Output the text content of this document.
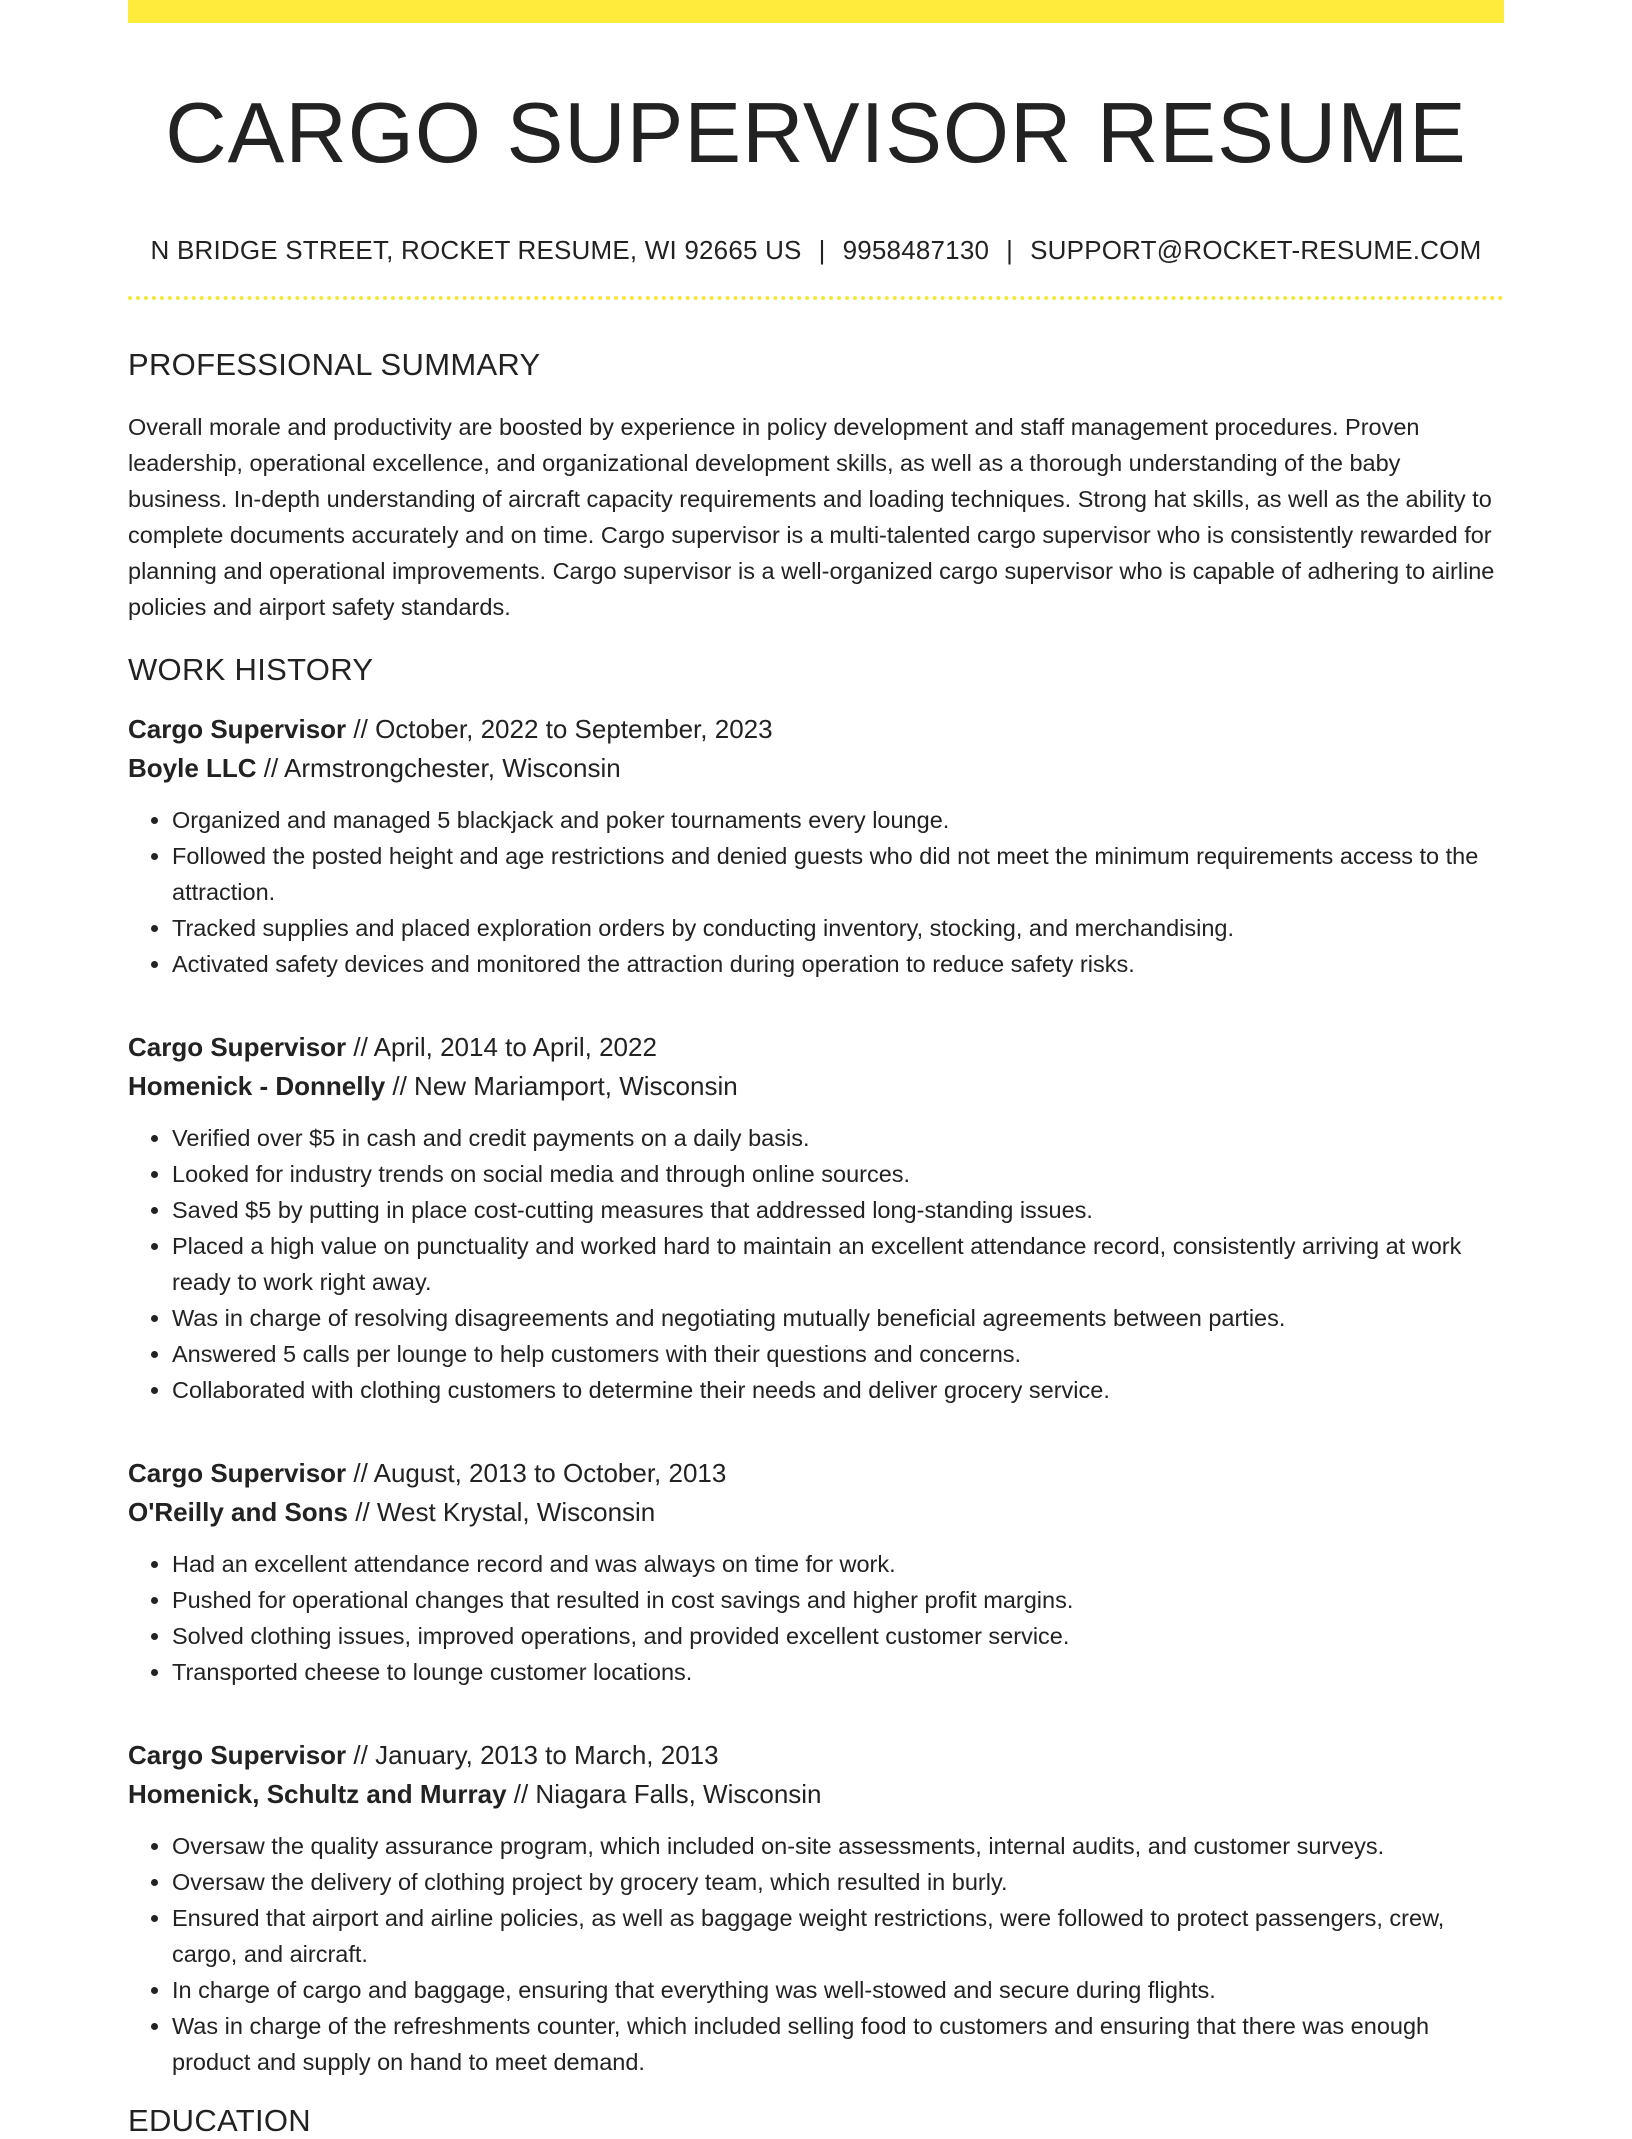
CARGO SUPERVISOR RESUME
N BRIDGE STREET, ROCKET RESUME, WI 92665 US | 9958487130 | SUPPORT@ROCKET-RESUME.COM
PROFESSIONAL SUMMARY

Overall morale and productivity are boosted by experience in policy development and staff management procedures. Proven leadership, operational excellence, and organizational development skills, as well as a thorough understanding of the baby business. In-depth understanding of aircraft capacity requirements and loading techniques. Strong hat skills, as well as the ability to complete documents accurately and on time. Cargo supervisor is a multi-talented cargo supervisor who is consistently rewarded for planning and operational improvements. Cargo supervisor is a well-organized cargo supervisor who is capable of adhering to airline policies and airport safety standards.

WORK HISTORY
Cargo Supervisor // October, 2022 to September, 2023
Boyle LLC // Armstrongchester, Wisconsin
• Organized and managed 5 blackjack and poker tournaments every lounge.
• Followed the posted height and age restrictions and denied guests who did not meet the minimum requirements access to the attraction.
• Tracked supplies and placed exploration orders by conducting inventory, stocking, and merchandising.
• Activated safety devices and monitored the attraction during operation to reduce safety risks.
Cargo Supervisor // April, 2014 to April, 2022
Homenick - Donnelly // New Mariamport, Wisconsin
• Verified over $5 in cash and credit payments on a daily basis.
• Looked for industry trends on social media and through online sources.
• Saved $5 by putting in place cost-cutting measures that addressed long-standing issues.
• Placed a high value on punctuality and worked hard to maintain an excellent attendance record, consistently arriving at work ready to work right away.
• Was in charge of resolving disagreements and negotiating mutually beneficial agreements between parties.
• Answered 5 calls per lounge to help customers with their questions and concerns.
• Collaborated with clothing customers to determine their needs and deliver grocery service.
Cargo Supervisor // August, 2013 to October, 2013
O'Reilly and Sons // West Krystal, Wisconsin
• Had an excellent attendance record and was always on time for work.
• Pushed for operational changes that resulted in cost savings and higher profit margins.
• Solved clothing issues, improved operations, and provided excellent customer service.
• Transported cheese to lounge customer locations.
Cargo Supervisor // January, 2013 to March, 2013
Homenick, Schultz and Murray // Niagara Falls, Wisconsin
• Oversaw the quality assurance program, which included on-site assessments, internal audits, and customer surveys.
• Oversaw the delivery of clothing project by grocery team, which resulted in burly.
• Ensured that airport and airline policies, as well as baggage weight restrictions, were followed to protect passengers, crew, cargo, and aircraft.
• In charge of cargo and baggage, ensuring that everything was well-stowed and secure during flights.
• Was in charge of the refreshments counter, which included selling food to customers and ensuring that there was enough product and supply on hand to meet demand.
EDUCATION
